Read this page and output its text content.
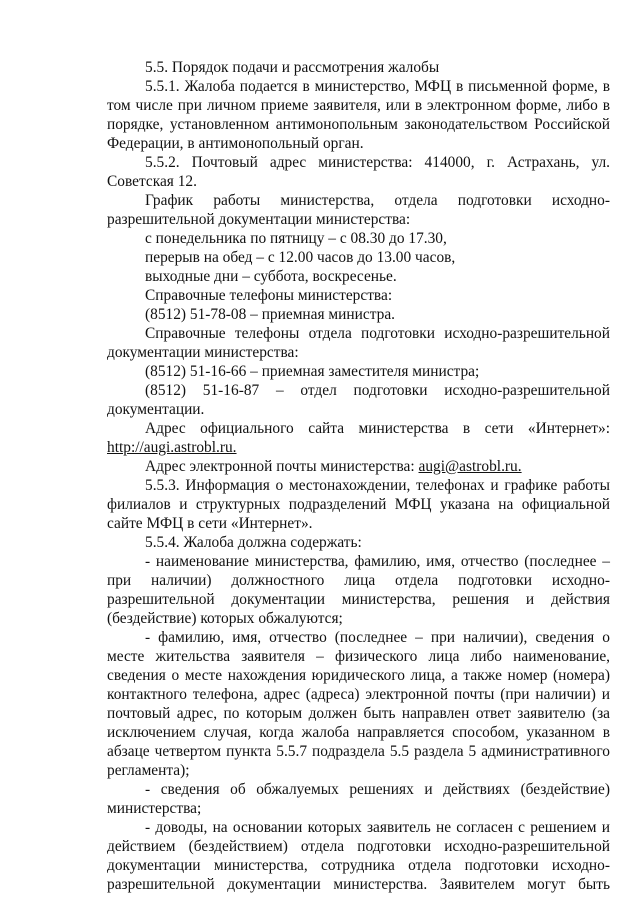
5.5. Порядок подачи и рассмотрения жалобы

5.5.1. Жалоба подается в министерство, МФЦ в письменной форме, в том числе при личном приеме заявителя, или в электронном форме, либо в порядке, установленном антимонопольным законодательством Российской Федерации, в антимонопольный орган.

5.5.2. Почтовый адрес министерства: 414000, г. Астрахань, ул. Советская 12.

График работы министерства, отдела подготовки исходно-разрешительной документации министерства:

с понедельника по пятницу – с 08.30 до 17.30,

перерыв на обед – с 12.00 часов до 13.00 часов,

выходные дни – суббота, воскресенье.

Справочные телефоны министерства:

(8512) 51-78-08 – приемная министра.

Справочные телефоны отдела подготовки исходно-разрешительной документации министерства:

(8512) 51-16-66 – приемная заместителя министра;

(8512) 51-16-87 – отдел подготовки исходно-разрешительной документации.

Адрес официального сайта министерства в сети «Интернет»: http://augi.astrobl.ru.

Адрес электронной почты министерства: augi@astrobl.ru.

5.5.3. Информация о местонахождении, телефонах и графике работы филиалов и структурных подразделений МФЦ указана на официальной сайте МФЦ в сети «Интернет».

5.5.4. Жалоба должна содержать:

- наименование министерства, фамилию, имя, отчество (последнее – при наличии) должностного лица отдела подготовки исходно-разрешительной документации министерства, решения и действия (бездействие) которых обжалуются;

- фамилию, имя, отчество (последнее – при наличии), сведения о месте жительства заявителя – физического лица либо наименование, сведения о месте нахождения юридического лица, а также номер (номера) контактного телефона, адрес (адреса) электронной почты (при наличии) и почтовый адрес, по которым должен быть направлен ответ заявителю (за исключением случая, когда жалоба направляется способом, указанном в абзаце четвертом пункта 5.5.7 подраздела 5.5 раздела 5 административного регламента);

- сведения об обжалуемых решениях и действиях (бездействие) министерства;

- доводы, на основании которых заявитель не согласен с решением и действием (бездействием) отдела подготовки исходно-разрешительной документации министерства, сотрудника отдела подготовки исходно-разрешительной документации министерства. Заявителем могут быть
